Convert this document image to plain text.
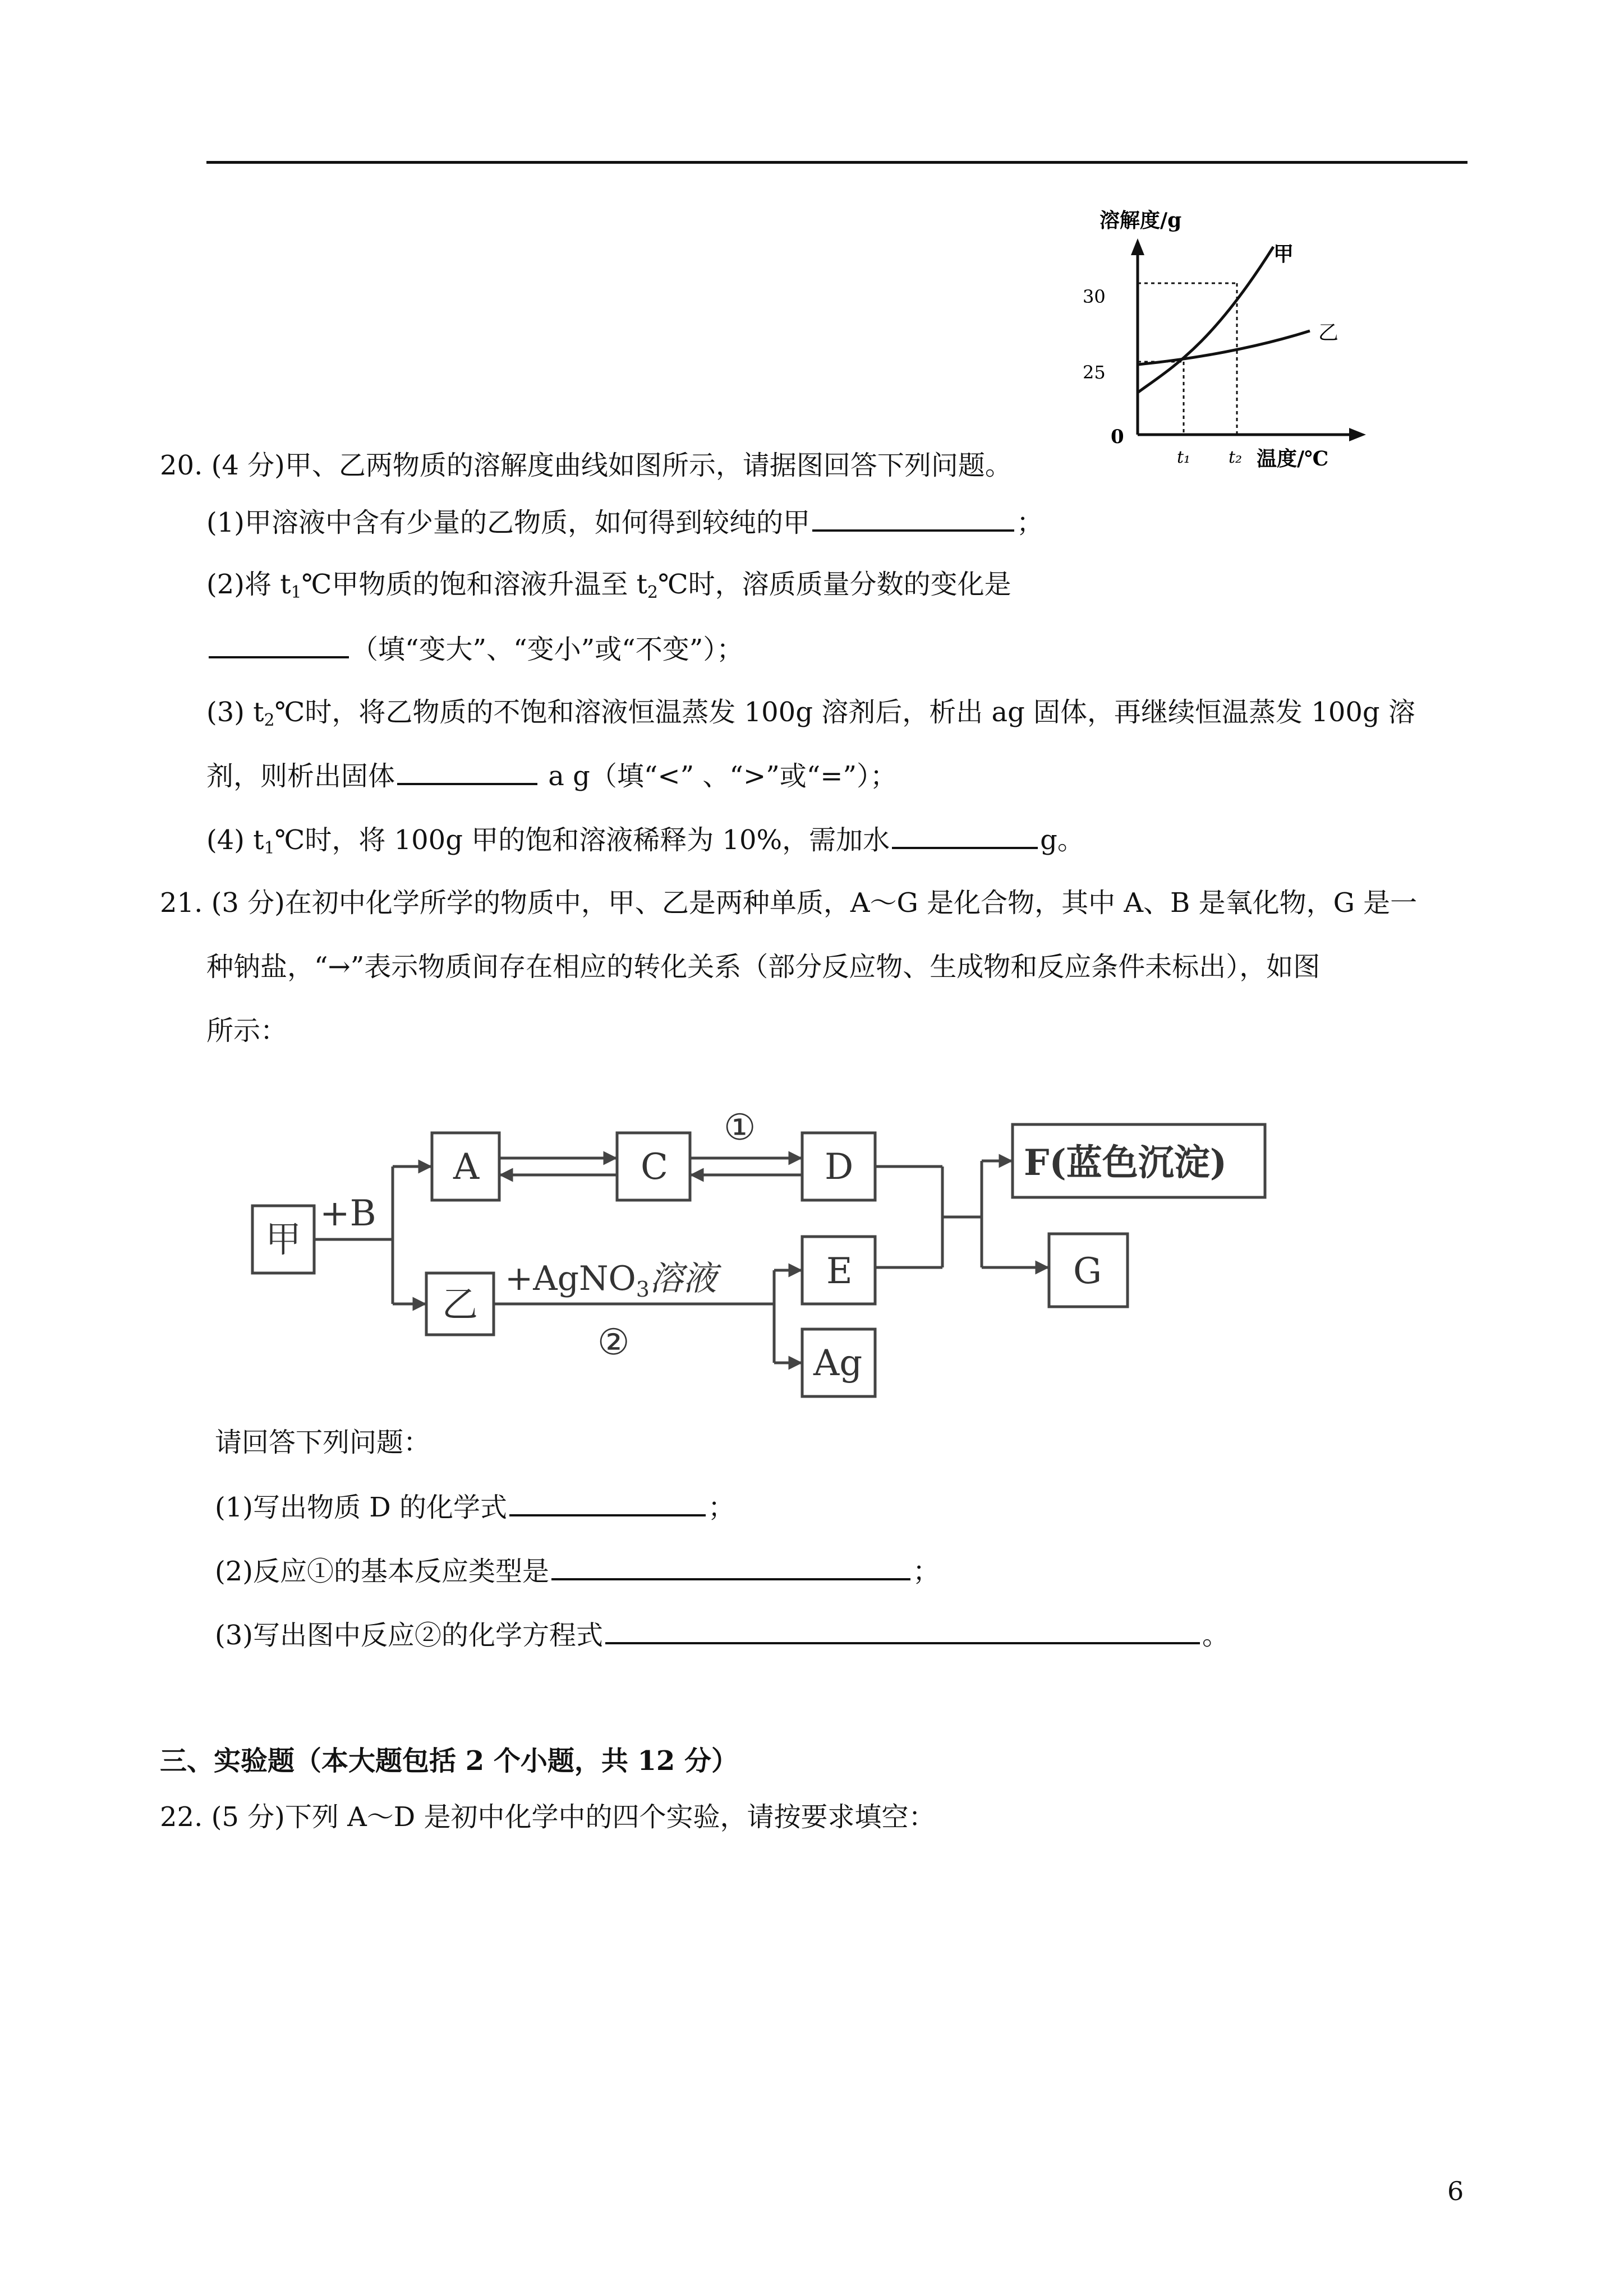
溶解度/g
甲
乙
30
25
0
t₁ t₂ 温度/℃
20. (4 分)甲、乙两物质的溶解度曲线如图所示，请据图回答下列问题。
(1)甲溶液中含有少量的乙物质，如何得到较纯的甲	；
(2)将 $t_1℃$甲物质的饱和溶液升温至 $t_2℃$时，溶质质量分数的变化是
（填“变大”、“变小”或“不变”）；
(3) $t_2℃$时，将乙物质的不饱和溶液恒温蒸发 100g 溶剂后，析出 ag 固体，再继续恒温蒸发 100g 溶
剂，则析出固体	a g（填“<” 、“>”或“=”）；
(4) $t_1℃$时，将 100g 甲的饱和溶液稀释为 10%，需加水	g。
21. (3 分)在初中化学所学的物质中，甲、乙是两种单质，A～G 是化合物，其中 A、B 是氧化物，G 是一
种钠盐，“→”表示物质间存在相应的转化关系（部分反应物、生成物和反应条件未标出），如图
所示：
甲
A	C	D	F(蓝色沉淀)
乙
E
Ag
G
+B
①
②
+AgNO$_3$溶液
请回答下列问题：
(1)写出物质 D 的化学式	；
(2)反应①的基本反应类型是	；
(3)写出图中反应②的化学方程式	。
三、实验题（本大题包括 2 个小题，共 12 分）
22. (5 分)下列 A～D 是初中化学中的四个实验，请按要求填空：
6
